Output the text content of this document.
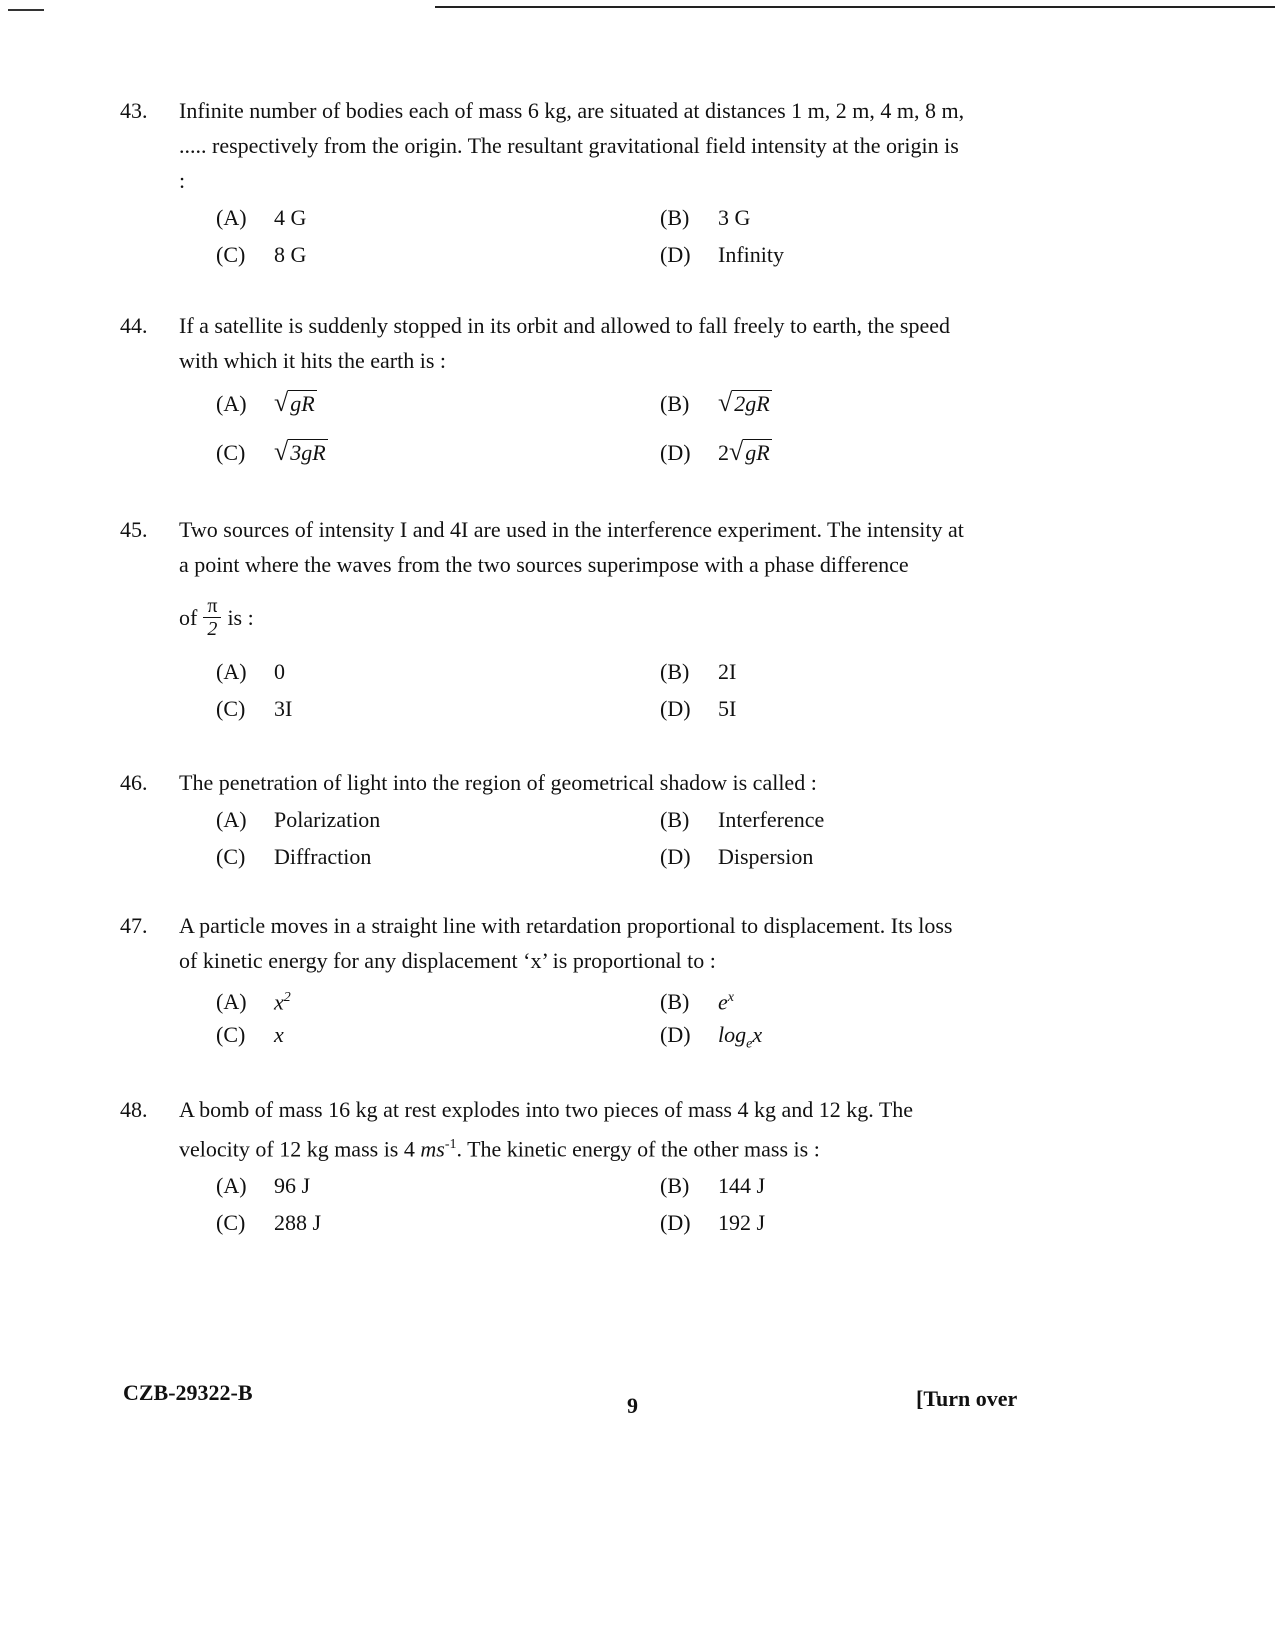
43.	Infinite number of bodies each of mass 6 kg, are situated at distances 1 m, 2 m, 4 m, 8 m, ..... respectively from the origin. The resultant gravitational field intensity at the origin is :
(A)	4 G	(B)	3 G
(C)	8 G	(D)	Infinity
44.	If a satellite is suddenly stopped in its orbit and allowed to fall freely to earth, the speed with which it hits the earth is :
(A)	√ gR	(B)	√ 2gR
(C)	√ 3gR	(D)	2 √ gR
45.	Two sources of intensity I and 4I are used in the interference experiment. The intensity at a point where the waves from the two sources superimpose with a phase difference
of $\frac{\pi}{2}$ is :
(A)	0	(B)	2I
(C)	3I	(D)	5I
46.	The penetration of light into the region of geometrical shadow is called :
(A)	Polarization	(B)	Interference
(C)	Diffraction	(D)	Dispersion
47.	A particle moves in a straight line with retardation proportional to displacement. Its loss of kinetic energy for any displacement ‘x’ is proportional to :
(A)	$x^2$	(B)	$e^x$
(C)	x	(D)	$\log_ex$
48.	A bomb of mass 16 kg at rest explodes into two pieces of mass 4 kg and 12 kg. The velocity of 12 kg mass is 4 $ms^{-1}$. The kinetic energy of the other mass is :
(A)	96 J	(B)	144 J
(C)	288 J	(D)	192 J
CZB-29322-B
9	[Turn over
